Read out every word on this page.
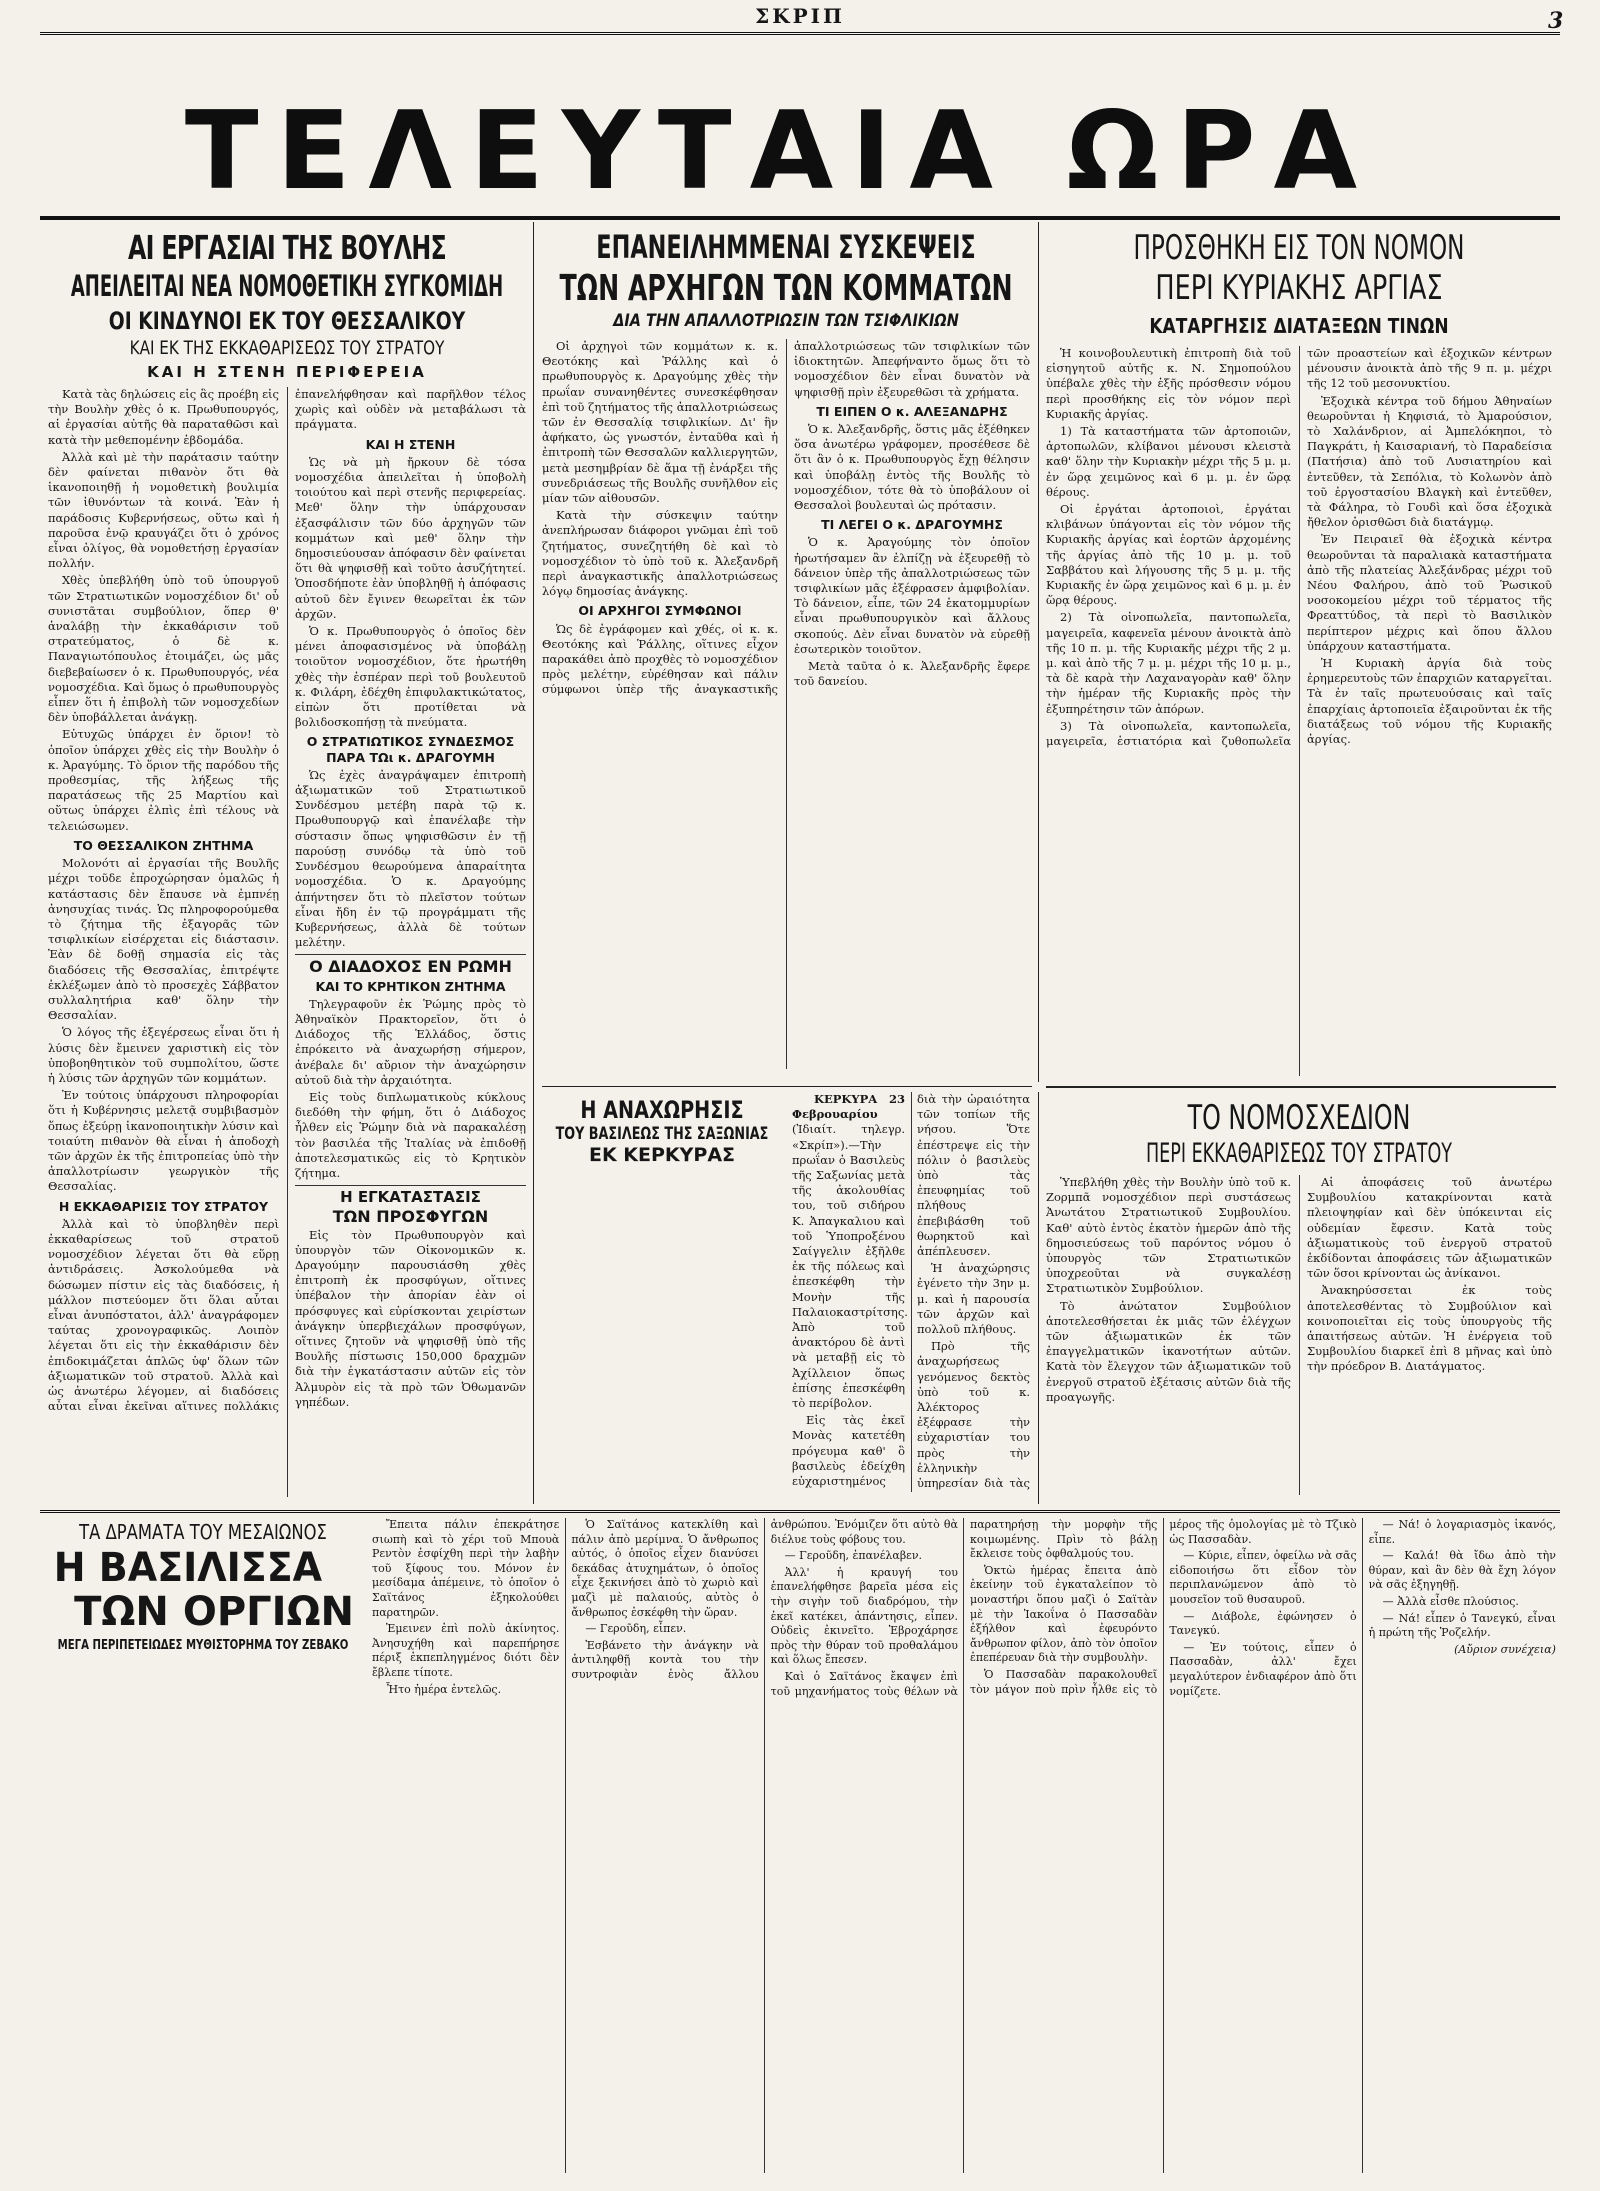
ΣΚΡΙΠ	3
ΤΕΛΕΥΤΑΙΑ ΩΡΑ
ΑΙ ΕΡΓΑΣΙΑΙ ΤΗΣ ΒΟΥΛΗΣ
ΑΠΕΙΛΕΙΤΑΙ ΝΕΑ ΝΟΜΟΘΕΤΙΚΗ ΣΥΓΚΟΜΙΔΗ
ΟΙ ΚΙΝΔΥΝΟΙ ΕΚ ΤΟΥ ΘΕΣΣΑΛΙΚΟΥ
ΚΑΙ ΕΚ ΤΗΣ ΕΚΚΑΘΑΡΙΣΕΩΣ ΤΟΥ ΣΤΡΑΤΟΥ
ΚΑΙ Η ΣΤΕΝΗ ΠΕΡΙΦΕΡΕΙΑ

Κατὰ τὰς δηλώσεις εἰς ἃς προέβη εἰς τὴν Βουλὴν χθὲς ὁ κ. Πρωθυπουργός, αἱ ἐργασίαι αὐτῆς θὰ παραταθῶσι καὶ κατὰ τὴν μεθεπομένην ἑβδομάδα.

Ἀλλὰ καὶ μὲ τὴν παράτασιν ταύτην δὲν φαίνεται πιθανὸν ὅτι θὰ ἱκανοποιηθῇ ἡ νομοθετικὴ βουλιμία τῶν ἰθυνόντων τὰ κοινά. Ἐὰν ἡ παράδοσις Κυβερνήσεως, οὕτω καὶ ἡ παροῦσα ἐνῷ κραυγάζει ὅτι ὁ χρόνος εἶναι ὀλίγος, θὰ νομοθετήσῃ ἐργασίαν πολλήν.

Χθὲς ὑπεβλήθη ὑπὸ τοῦ ὑπουργοῦ τῶν Στρατιωτικῶν νομοσχέδιον δι' οὗ συνιστᾶται συμβούλιον, ὅπερ θ' ἀναλάβῃ τὴν ἐκκαθάρισιν τοῦ στρατεύματος, ὁ δὲ κ. Παναγιωτόπουλος ἐτοιμάζει, ὡς μᾶς διεβεβαίωσεν ὁ κ. Πρωθυπουργός, νέα νομοσχέδια. Καὶ ὅμως ὁ πρωθυπουργὸς εἶπεν ὅτι ἡ ἐπιβολὴ τῶν νομοσχεδίων δὲν ὑποβάλλεται ἀνάγκῃ.

Εὐτυχῶς ὑπάρχει ἐν ὅριον! τὸ ὁποῖον ὑπάρχει χθὲς εἰς τὴν Βουλὴν ὁ κ. Ἀραγύμης. Τὸ ὅριον τῆς παρόδου τῆς προθεσμίας, τῆς λήξεως τῆς παρατάσεως τῆς 25 Μαρτίου καὶ οὕτως ὑπάρχει ἐλπὶς ἐπὶ τέλους νὰ τελειώσωμεν.

ΤΟ ΘΕΣΣΑΛΙΚΟΝ ΖΗΤΗΜΑ

Μολονότι αἱ ἐργασίαι τῆς Βουλῆς μέχρι τοῦδε ἐπροχώρησαν ὁμαλῶς ἡ κατάστασις δὲν ἔπαυσε νὰ ἐμπνέῃ ἀνησυχίας τινάς. Ὡς πληροφορούμεθα τὸ ζήτημα τῆς ἐξαγορᾶς τῶν τσιφλικίων εἰσέρχεται εἰς διάστασιν. Ἐὰν δὲ δοθῇ σημασία εἰς τὰς διαδόσεις τῆς Θεσσαλίας, ἐπιτρέψτε ἐκλέξωμεν ἀπὸ τὸ προσεχὲς Σάββατον συλλαλητήρια καθ' ὅλην τὴν Θεσσαλίαν.

Ὁ λόγος τῆς ἐξεγέρσεως εἶναι ὅτι ἡ λύσις δὲν ἔμεινεν χαριστικὴ εἰς τὸν ὑποβοηθητικὸν τοῦ συμπολίτου, ὥστε ἡ λύσις τῶν ἀρχηγῶν τῶν κομμάτων.

Ἐν τούτοις ὑπάρχουσι πληροφορίαι ὅτι ἡ Κυβέρνησις μελετᾷ συμβιβασμὸν ὅπως ἐξεύρῃ ἱκανοποιητικὴν λύσιν καὶ τοιαύτη πιθανὸν θὰ εἶναι ἡ ἀποδοχὴ τῶν ἀρχῶν ἐκ τῆς ἐπιτροπείας ὑπὸ τὴν ἀπαλλοτρίωσιν γεωργικὸν τῆς Θεσσαλίας.

Η ΕΚΚΑΘΑΡΙΣΙΣ ΤΟΥ ΣΤΡΑΤΟΥ

Ἀλλὰ καὶ τὸ ὑποβληθὲν περὶ ἐκκαθαρίσεως τοῦ στρατοῦ νομοσχέδιον λέγεται ὅτι θὰ εὕρῃ ἀντιδράσεις. Ἀσκολούμεθα νὰ δώσωμεν πίστιν εἰς τὰς διαδόσεις, ἡ μάλλον πιστεύομεν ὅτι ὅλαι αὗται εἶναι ἀνυπόστατοι, ἀλλ' ἀναγράφομεν ταύτας χρονογραφικῶς. Λοιπὸν λέγεται ὅτι εἰς τὴν ἐκκαθάρισιν δὲν ἐπιδοκιμάζεται ἁπλῶς ὑφ' ὅλων τῶν ἀξιωματικῶν τοῦ στρατοῦ. Ἀλλὰ καὶ ὡς ἀνωτέρω λέγομεν, αἱ διαδόσεις αὗται εἶναι ἐκεῖναι αἵτινες πολλάκις ἐπανελήφθησαν καὶ παρῆλθον τέλος χωρὶς καὶ οὐδὲν νὰ μεταβάλωσι τὰ πράγματα.

ΚΑΙ Η ΣΤΕΝΗ

Ὡς νὰ μὴ ἤρκουν δὲ τόσα νομοσχέδια ἀπειλεῖται ἡ ὑποβολὴ τοιούτου καὶ περὶ στενῆς περιφερείας. Μεθ' ὅλην τὴν ὑπάρχουσαν ἐξασφάλισιν τῶν δύο ἀρχηγῶν τῶν κομμάτων καὶ μεθ' ὅλην τὴν δημοσιεύουσαν ἀπόφασιν δὲν φαίνεται ὅτι θὰ ψηφισθῇ καὶ τοῦτο ἀσυζήτητεί. Ὁποσδήποτε ἐὰν ὑποβληθῇ ἡ ἀπόφασις αὐτοῦ δὲν ἔγινεν θεωρεῖται ἐκ τῶν ἀρχῶν.

Ὁ κ. Πρωθυπουργὸς ὁ ὁποῖος δὲν μένει ἀποφασισμένος νὰ ὑποβάλῃ τοιοῦτον νομοσχέδιον, ὅτε ἠρωτήθη χθὲς τὴν ἑσπέραν περὶ τοῦ βουλευτοῦ κ. Φιλάρη, ἐδέχθη ἐπιφυλακτικώτατος, εἰπὼν ὅτι προτίθεται νὰ βολιδοσκοπήσῃ τὰ πνεύματα.

Ο ΣΤΡΑΤΙΩΤΙΚΟΣ ΣΥΝΔΕΣΜΟΣ ΠΑΡΑ ΤΩι κ. ΔΡΑΓΟΥΜΗ

Ὡς ἐχὲς ἀναγράψαμεν ἐπιτροπὴ ἀξιωματικῶν τοῦ Στρατιωτικοῦ Συνδέσμου μετέβη παρὰ τῷ κ. Πρωθυπουργῷ καὶ ἐπανέλαβε τὴν σύστασιν ὅπως ψηφισθῶσιν ἐν τῇ παρούσῃ συνόδῳ τὰ ὑπὸ τοῦ Συνδέσμου θεωρούμενα ἀπαραίτητα νομοσχέδια. Ὁ κ. Δραγούμης ἀπήντησεν ὅτι τὸ πλεῖστον τούτων εἶναι ἤδη ἐν τῷ προγράμματι τῆς Κυβερνήσεως, ἀλλὰ δὲ τούτων μελέτην.

Ο ΔΙΑΔΟΧΟΣ ΕΝ ΡΩΜΗ
ΚΑΙ ΤΟ ΚΡΗΤΙΚΟΝ ΖΗΤΗΜΑ

Τηλεγραφοῦν ἐκ Ῥώμης πρὸς τὸ Ἀθηναϊκὸν Πρακτορεῖον, ὅτι ὁ Διάδοχος τῆς Ἑλλάδος, ὅστις ἐπρόκειτο νὰ ἀναχωρήσῃ σήμερον, ἀνέβαλε δι' αὔριον τὴν ἀναχώρησιν αὐτοῦ διὰ τὴν ἀρχαιότητα.

Εἰς τοὺς διπλωματικοὺς κύκλους διεδόθη τὴν φήμη, ὅτι ὁ Διάδοχος ἦλθεν εἰς Ῥώμην διὰ νὰ παρακαλέσῃ τὸν βασιλέα τῆς Ἰταλίας νὰ ἐπιδοθῇ ἀποτελεσματικῶς εἰς τὸ Κρητικὸν ζήτημα.

Η ΕΓΚΑΤΑΣΤΑΣΙΣ
ΤΩΝ ΠΡΟΣΦΥΓΩΝ

Εἰς τὸν Πρωθυπουργὸν καὶ ὑπουργὸν τῶν Οἰκονομικῶν κ. Δραγούμην παρουσιάσθη χθὲς ἐπιτροπὴ ἐκ προσφύγων, οἵτινες ὑπέβαλον τὴν ἀπορίαν ἐὰν οἱ πρόσφυγες καὶ εὑρίσκονται χειρίστων ἀνάγκην ὑπερβιεχάλων προσφύγων, οἵτινες ζητοῦν νὰ ψηφισθῇ ὑπὸ τῆς Βουλῆς πίστωσις 150,000 δραχμῶν διὰ τὴν ἐγκατάστασιν αὐτῶν εἰς τὸν Ἀλμυρὸν εἰς τὰ πρὸ τῶν Ὀθωμανῶν γηπέδων.

ΕΠΑΝΕΙΛΗΜΜΕΝΑΙ ΣΥΣΚΕΨΕΙΣ
ΤΩΝ ΑΡΧΗΓΩΝ ΤΩΝ ΚΟΜΜΑΤΩΝ
ΔΙΑ ΤΗΝ ΑΠΑΛΛΟΤΡΙΩΣΙΝ ΤΩΝ ΤΣΙΦΛΙΚΙΩΝ

Οἱ ἀρχηγοὶ τῶν κομμάτων κ. κ. Θεοτόκης καὶ Ῥάλλης καὶ ὁ πρωθυπουργὸς κ. Δραγούμης χθὲς τὴν πρωΐαν συνανηθέντες συνεσκέφθησαν ἐπὶ τοῦ ζητήματος τῆς ἀπαλλοτριώσεως τῶν ἐν Θεσσαλίᾳ τσιφλικίων. Δι' ἣν ἀφήκατο, ὡς γνωστόν, ἐνταῦθα καὶ ἡ ἐπιτροπὴ τῶν Θεσσαλῶν καλλιεργητῶν, μετὰ μεσημβρίαν δὲ ἅμα τῇ ἐνάρξει τῆς συνεδριάσεως τῆς Βουλῆς συνῆλθον εἰς μίαν τῶν αἰθουσῶν.

Κατὰ τὴν σύσκεψιν ταύτην ἀνεπλήρωσαν διάφοροι γνῶμαι ἐπὶ τοῦ ζητήματος, συνεζητήθη δὲ καὶ τὸ νομοσχέδιον τὸ ὑπὸ τοῦ κ. Ἀλεξανδρῆ περὶ ἀναγκαστικῆς ἀπαλλοτριώσεως λόγῳ δημοσίας ἀνάγκης.

ΟΙ ΑΡΧΗΓΟΙ ΣΥΜΦΩΝΟΙ

Ὡς δὲ ἐγράφομεν καὶ χθές, οἱ κ. κ. Θεοτόκης καὶ Ῥάλλης, οἵτινες εἶχον παρακάθει ἀπὸ προχθὲς τὸ νομοσχέδιον πρὸς μελέτην, εὑρέθησαν καὶ πάλιν σύμφωνοι ὑπὲρ τῆς ἀναγκαστικῆς ἀπαλλοτριώσεως τῶν τσιφλικίων τῶν ἰδιοκτητῶν. Ἀπεφήναντο ὅμως ὅτι τὸ νομοσχέδιον δὲν εἶναι δυνατὸν νὰ ψηφισθῇ πρὶν ἐξευρεθῶσι τὰ χρήματα.

ΤΙ ΕΙΠΕΝ Ο κ. ΑΛΕΞΑΝΔΡΗΣ

Ὁ κ. Ἀλεξανδρῆς, ὅστις μᾶς ἐξέθηκεν ὅσα ἀνωτέρω γράφομεν, προσέθεσε δὲ ὅτι ἂν ὁ κ. Πρωθυπουργὸς ἔχῃ θέλησιν καὶ ὑποβάλῃ ἐντὸς τῆς Βουλῆς τὸ νομοσχέδιον, τότε θὰ τὸ ὑποβάλουν οἱ Θεσσαλοὶ βουλευταὶ ὡς πρότασιν.

ΤΙ ΛΕΓΕΙ Ο κ. ΔΡΑΓΟΥΜΗΣ

Ὁ κ. Ἀραγούμης τὸν ὁποῖον ἠρωτήσαμεν ἂν ἐλπίζῃ νὰ ἐξευρεθῇ τὸ δάνειον ὑπὲρ τῆς ἀπαλλοτριώσεως τῶν τσιφλικίων μᾶς ἐξέφρασεν ἀμφιβολίαν. Τὸ δάνειον, εἶπε, τῶν 24 ἑκατομμυρίων εἶναι πρωθυπουργικὸν καὶ ἄλλους σκοπούς. Δὲν εἶναι δυνατὸν νὰ εὑρεθῇ ἐσωτερικὸν τοιοῦτον.

Μετὰ ταῦτα ὁ κ. Ἀλεξανδρῆς ἔφερε τοῦ δανείου.

Η ΑΝΑΧΩΡΗΣΙΣ
ΤΟΥ ΒΑΣΙΛΕΩΣ ΤΗΣ ΣΑΞΩΝΙΑΣ
ΕΚ ΚΕΡΚΥΡΑΣ

ΚΕΡΚΥΡΑ 23 Φεβρουαρίου (Ἰδιαίτ. τηλεγρ. «Σκρίπ»).—Τὴν πρωΐαν ὁ Βασιλεὺς τῆς Σαξωνίας μετὰ τῆς ἀκολουθίας του, τοῦ σιδήρου Κ. Ἀπαγκαλιου καὶ τοῦ Ὑποπροξένου Σαίγγελιν ἐξῆλθε ἐκ τῆς πόλεως καὶ ἐπεσκέφθη τὴν Μονὴν τῆς Παλαιοκαστρίτσης. Ἀπὸ τοῦ ἀνακτόρου δὲ ἀντὶ νὰ μεταβῇ εἰς τὸ Ἀχίλλειον ὅπως ἐπίσης ἐπεσκέφθη τὸ περίβολον.

Εἰς τὰς ἐκεῖ Μονὰς κατετέθη πρόγευμα καθ' ὃ βασιλεὺς ἐδείχθη εὐχαριστημένος διὰ τὴν ὡραιότητα τῶν τοπίων τῆς νήσου. Ὅτε ἐπέστρεψε εἰς τὴν πόλιν ὁ βασιλεὺς ὑπὸ τὰς ἐπευφημίας τοῦ πλήθους ἐπεβιβάσθη τοῦ θωρηκτοῦ καὶ ἀπέπλευσεν.

Ἡ ἀναχώρησις ἐγένετο τὴν 3ην μ. μ. καὶ ἡ παρουσία τῶν ἀρχῶν καὶ πολλοῦ πλήθους.

Πρὸ τῆς ἀναχωρήσεως γενόμενος δεκτὸς ὑπὸ τοῦ κ. Ἀλέκτορος ἐξέφρασε τὴν εὐχαριστίαν του πρὸς τὴν ἑλληνικὴν ὑπηρεσίαν διὰ τὰς

ΠΡΟΣΘΗΚΗ ΕΙΣ ΤΟΝ ΝΟΜΟΝ
ΠΕΡΙ ΚΥΡΙΑΚΗΣ ΑΡΓΙΑΣ
ΚΑΤΑΡΓΗΣΙΣ ΔΙΑΤΑΞΕΩΝ ΤΙΝΩΝ

Ἡ κοινοβουλευτικὴ ἐπιτροπὴ διὰ τοῦ εἰσηγητοῦ αὐτῆς κ. Ν. Σημοπούλου ὑπέβαλε χθὲς τὴν ἑξῆς πρόσθεσιν νόμου περὶ προσθήκης εἰς τὸν νόμον περὶ Κυριακῆς ἀργίας.

1) Τὰ καταστήματα τῶν ἀρτοποιῶν, ἀρτοπωλῶν, κλίβανοι μένουσι κλειστὰ καθ' ὅλην τὴν Κυριακὴν μέχρι τῆς 5 μ. μ. ἐν ὥρᾳ χειμῶνος καὶ 6 μ. μ. ἐν ὥρᾳ θέρους.

Οἱ ἐργάται ἀρτοποιοὶ, ἐργάται κλιβάνων ὑπάγονται εἰς τὸν νόμον τῆς Κυριακῆς ἀργίας καὶ ἑορτῶν ἀρχομένης τῆς ἀργίας ἀπὸ τῆς 10 μ. μ. τοῦ Σαββάτου καὶ λήγουσης τῆς 5 μ. μ. τῆς Κυριακῆς ἐν ὥρᾳ χειμῶνος καὶ 6 μ. μ. ἐν ὥρᾳ θέρους.

2) Τὰ οἰνοπωλεῖα, παντοπωλεῖα, μαγειρεῖα, καφενεῖα μένουν ἀνοικτὰ ἀπὸ τῆς 10 π. μ. τῆς Κυριακῆς μέχρι τῆς 2 μ. μ. καὶ ἀπὸ τῆς 7 μ. μ. μέχρι τῆς 10 μ. μ., τὰ δὲ καρὰ τὴν Λαχαναγορὰν καθ' ὅλην τὴν ἡμέραν τῆς Κυριακῆς πρὸς τὴν ἐξυπηρέτησιν τῶν ἀπόρων.

3) Τὰ οἰνοπωλεῖα, καντοπωλεῖα, μαγειρεῖα, ἑστιατόρια καὶ ζυθοπωλεῖα τῶν προαστείων καὶ ἐξοχικῶν κέντρων μένουσιν ἀνοικτὰ ἀπὸ τῆς 9 π. μ. μέχρι τῆς 12 τοῦ μεσονυκτίου.

Ἐξοχικὰ κέντρα τοῦ δήμου Ἀθηναίων θεωροῦνται ἡ Κηφισιά, τὸ Ἀμαρούσιον, τὸ Χαλάνδριον, αἱ Ἀμπελόκηποι, τὸ Παγκράτι, ἡ Καισαριανή, τὸ Παραδείσια (Πατήσια) ἀπὸ τοῦ Λυσιατηρίου καὶ ἐντεῦθεν, τὰ Σεπόλια, τὸ Κολωνὸν ἀπὸ τοῦ ἐργοστασίου Βλαγκὴ καὶ ἐντεῦθεν, τὰ Φάληρα, τὸ Γουδὶ καὶ ὅσα ἐξοχικὰ ἤθελον ὁρισθῶσι διὰ διατάγμῳ.

Ἐν Πειραιεῖ θὰ ἐξοχικὰ κέντρα θεωροῦνται τὰ παραλιακὰ καταστήματα ἀπὸ τῆς πλατείας Ἀλεξάνδρας μέχρι τοῦ Νέου Φαλήρου, ἀπὸ τοῦ Ῥωσικοῦ νοσοκομείου μέχρι τοῦ τέρματος τῆς Φρεαττύδος, τὰ περὶ τὸ Βασιλικὸν περίπτερον μέχρις καὶ ὅπου ἄλλου ὑπάρχουν καταστήματα.

Ἡ Κυριακὴ ἀργία διὰ τοὺς ἐρημερευτοὺς τῶν ἐπαρχιῶν καταργεῖται. Τὰ ἐν ταῖς πρωτευούσαις καὶ ταῖς ἐπαρχίαις ἀρτοποιεῖα ἐξαιροῦνται ἐκ τῆς διατάξεως τοῦ νόμου τῆς Κυριακῆς ἀργίας.

ΤΟ ΝΟΜΟΣΧΕΔΙΟΝ
ΠΕΡΙ ΕΚΚΑΘΑΡΙΣΕΩΣ ΤΟΥ ΣΤΡΑΤΟΥ

Ὑπεβλήθη χθὲς τὴν Βουλὴν ὑπὸ τοῦ κ. Ζορμπᾶ νομοσχέδιον περὶ συστάσεως Ἀνωτάτου Στρατιωτικοῦ Συμβουλίου. Καθ' αὐτὸ ἐντὸς ἑκατὸν ἡμερῶν ἀπὸ τῆς δημοσιεύσεως τοῦ παρόντος νόμου ὁ ὑπουργὸς τῶν Στρατιωτικῶν ὑποχρεοῦται νὰ συγκαλέσῃ Στρατιωτικὸν Συμβούλιον.

Τὸ ἀνώτατον Συμβούλιον ἀποτελεσθήσεται ἐκ μιᾶς τῶν ἐλέγχων τῶν ἀξιωματικῶν ἐκ τῶν ἐπαγγελματικῶν ἱκανοτήτων αὐτῶν. Κατὰ τὸν ἔλεγχον τῶν ἀξιωματικῶν τοῦ ἐνεργοῦ στρατοῦ ἐξέτασις αὐτῶν διὰ τῆς προαγωγῆς.

Αἱ ἀποφάσεις τοῦ ἀνωτέρω Συμβουλίου κατακρίνονται κατὰ πλειοψηφίαν καὶ δὲν ὑπόκεινται εἰς οὐδεμίαν ἔφεσιν. Κατὰ τοὺς ἀξιωματικοὺς τοῦ ἐνεργοῦ στρατοῦ ἐκδίδονται ἀποφάσεις τῶν ἀξιωματικῶν τῶν ὅσοι κρίνονται ὡς ἀνίκανοι.

Ἀνακηρύσσεται ἐκ τοὺς ἀποτελεσθέντας τὸ Συμβούλιον καὶ κοινοποιεῖται εἰς τοὺς ὑπουργοὺς τῆς ἀπαιτήσεως αὐτῶν. Ἡ ἐνέργεια τοῦ Συμβουλίου διαρκεῖ ἐπὶ 8 μῆνας καὶ ὑπὸ τὴν πρόεδρον Β. Διατάγματος.

ΤΑ ΔΡΑΜΑΤΑ ΤΟΥ ΜΕΣΑΙΩΝΟΣ
Η ΒΑΣΙΛΙΣΣΑ
ΤΩΝ ΟΡΓΙΩΝ
ΜΕΓΑ ΠΕΡΙΠΕΤΕΙΩΔΕΣ ΜΥΘΙΣΤΟΡΗΜΑ ΤΟΥ ΖΕΒΑΚΟ

Ἔπειτα πάλιν ἐπεκράτησε σιωπὴ καὶ τὸ χέρι τοῦ Μπουὰ Ρεντὸν ἐσφίχθη περὶ τὴν λαβὴν τοῦ ξίφους του. Μόνον ἐν μεσίδαμα ἀπέμεινε, τὸ ὁποῖον ὁ Σαϊτάνος ἐξηκολούθει παρατηρῶν.

Ἐμεινεν ἐπὶ πολὺ ἀκίνητος. Ἀνησυχήθη καὶ παρεπήρησε πέριξ ἐκπεπληγμένος διότι δὲν ἔβλεπε τίποτε.

Ἦτο ἡμέρα ἐντελῶς.

Ὁ Σαϊτάνος κατεκλίθη καὶ πάλιν ἀπὸ μερίμνα. Ὁ ἄνθρωπος αὐτός, ὁ ὁποῖος εἶχεν διανύσει δεκάδας ἀτυχημάτων, ὁ ὁποῖος εἶχε ξεκινήσει ἀπὸ τὸ χωριὸ καὶ μαζὶ μὲ παλαιούς, αὐτὸς ὁ ἄνθρωπος ἐσκέφθη τὴν ὥραν.

— Γεροῦδη, εἶπεν.

Ἐσβάνετο τὴν ἀνάγκην νὰ ἀντιληφθῇ κοντὰ του τὴν συντροφιὰν ἑνὸς ἄλλου ἀνθρώπου. Ἐνόμιζεν ὅτι αὐτὸ θὰ διέλυε τοὺς φόβους του.

— Γεροῦδη, ἐπανέλαβεν.

Ἀλλ' ἡ κραυγή του ἐπανελήφθησε βαρεῖα μέσα εἰς τὴν σιγὴν τοῦ διαδρόμου, τὴν ἐκεῖ κατέκει, ἀπάντησις, εἶπεν. Οὐδεὶς ἐκινεῖτο. Ἐβροχάρησε πρὸς τὴν θύραν τοῦ προθαλάμου καὶ ὅλως ἔπεσεν.

Καὶ ὁ Σαϊτάνος ἔκαψεν ἐπὶ τοῦ μηχανήματος τοὺς θέλων νὰ παρατηρήσῃ τὴν μορφὴν τῆς κοιμωμένης. Πρὶν τὸ βάλῃ ἔκλεισε τοὺς ὀφθαλμούς του.

Ὁκτὼ ἡμέρας ἔπειτα ἀπὸ ἐκείνην τοῦ ἐγκαταλείπον τὸ μοναστήρι ὅπου μαζὶ ὁ Σαϊτὰν μὲ τὴν Ἰακοΐνα ὁ Πασσαδὰν ἐξήλθον καὶ ἐφευρόντο ἄνθρωπον φίλον, ἀπὸ τὸν ὁποῖον ἐπεπέρευαν διὰ τὴν συμβουλὴν.

Ὁ Πασσαδὰν παρακολουθεῖ τὸν μάγον ποὺ πρὶν ἦλθε εἰς τὸ μέρος τῆς ὁμολογίας μὲ τὸ Τζικὸ ὡς Πασσαδὰν.

— Κύριε, εἶπεν, ὀφείλω νὰ σᾶς εἰδοποιήσω ὅτι εἶδον τὸν περιπλανώμενον ἀπὸ τὸ μουσεῖον τοῦ θυσαυροῦ.

— Διάβολε, ἐφώνησεν ὁ Τανεγκύ.

— Ἐν τούτοις, εἶπεν ὁ Πασσαδὰν, ἀλλ' ἔχει μεγαλύτερον ἐνδιαφέρον ἀπὸ ὅτι νομίζετε.

— Νά! ὁ λογαριασμὸς ἱκανός, εἶπε.

— Καλά! θὰ ἴδω ἀπὸ τὴν θύραν, καὶ ἂν δὲν θὰ ἔχη λόγον νὰ σᾶς ἐξηγηθῇ.

— Ἀλλὰ εἶσθε πλούσιος.

— Νά! εἶπεν ὁ Τανεγκύ, εἶναι ἡ πρώτη τῆς Ῥοζελήν.

(Αὔριον συνέχεια)
